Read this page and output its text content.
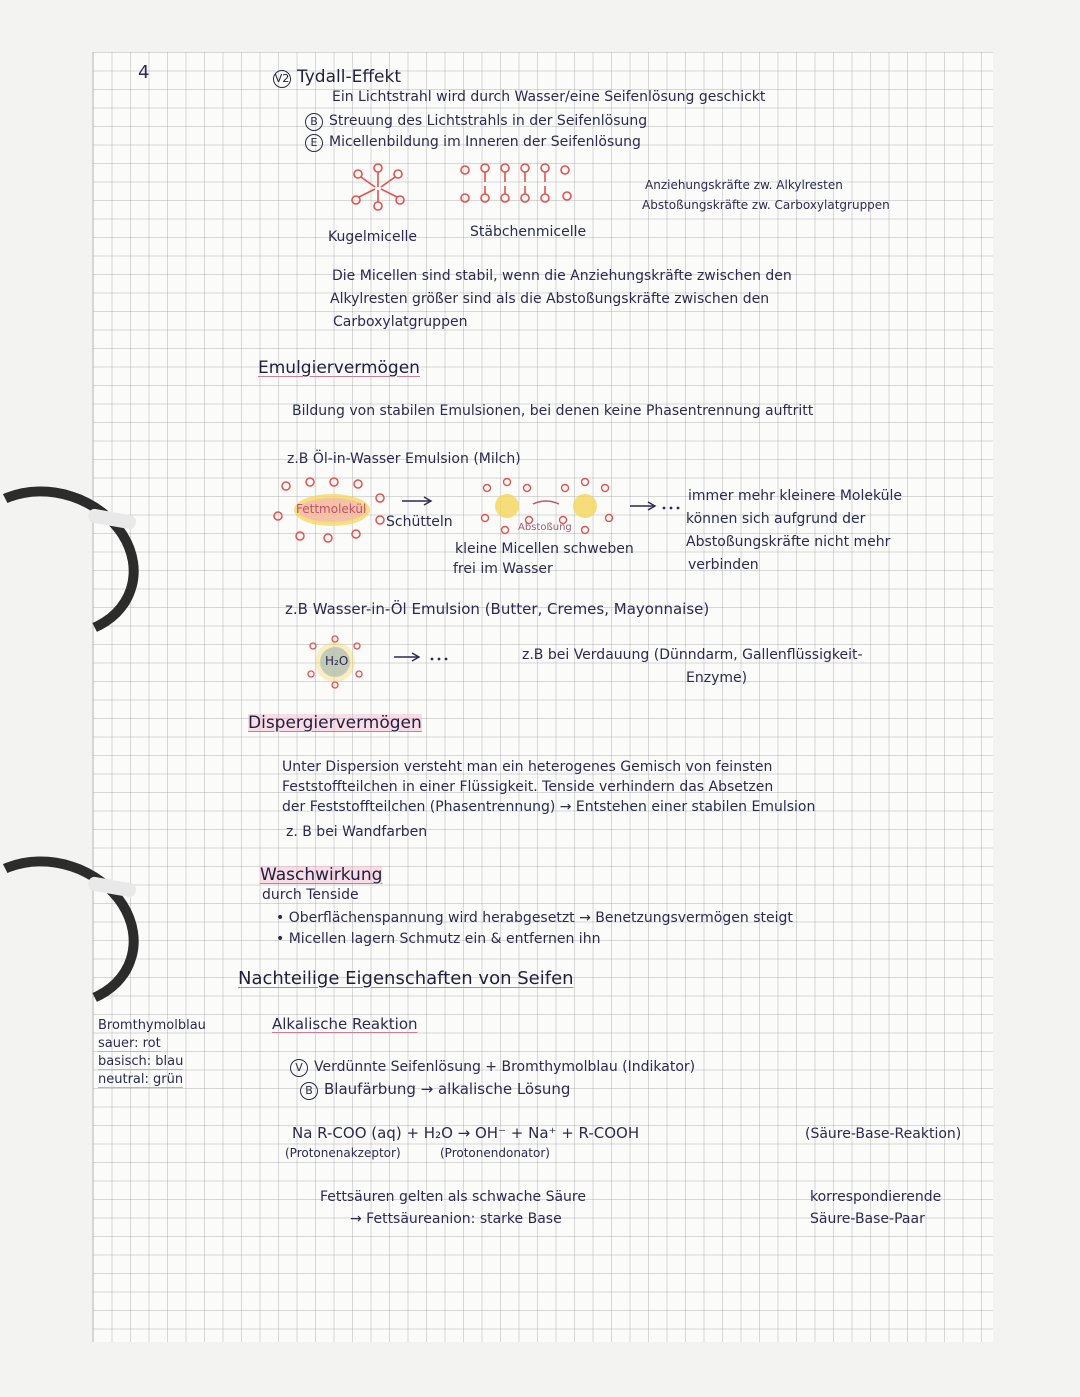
4	V2 Tydall-Effekt
Ein Lichtstrahl wird durch Wasser/eine Seifenlösung geschickt
B Streuung des Lichtstrahls in der Seifenlösung
E Micellenbildung im Inneren der Seifenlösung
Anziehungskräfte zw. Alkylresten
Abstoßungskräfte zw. Carboxylatgruppen
Kugelmicelle	Stäbchenmicelle
Die Micellen sind stabil, wenn die Anziehungskräfte zwischen den
Alkylresten größer sind als die Abstoßungskräfte zwischen den
Carboxylatgruppen
Emulgiervermögen
Bildung von stabilen Emulsionen, bei denen keine Phasentrennung auftritt
z.B Öl-in-Wasser Emulsion (Milch)
Fettmolekül
Schütteln	Abstoßung
kleine Micellen schweben
frei im Wasser
immer mehr kleinere Moleküle
können sich aufgrund der
Abstoßungskräfte nicht mehr
verbinden
z.B Wasser-in-Öl Emulsion (Butter, Cremes, Mayonnaise)
H₂O	z.B bei Verdauung (Dünndarm, Gallenflüssigkeit-
Enzyme)
Dispergiervermögen
Unter Dispersion versteht man ein heterogenes Gemisch von feinsten
Feststoffteilchen in einer Flüssigkeit. Tenside verhindern das Absetzen
der Feststoffteilchen (Phasentrennung) → Entstehen einer stabilen Emulsion
z. B bei Wandfarben
Waschwirkung
durch Tenside
• Oberflächenspannung wird herabgesetzt → Benetzungsvermögen steigt
• Micellen lagern Schmutz ein & entfernen ihn
Nachteilige Eigenschaften von Seifen
Alkalische Reaktion
Bromthymolblau
sauer: rot
basisch: blau
neutral: grün
V Verdünnte Seifenlösung + Bromthymolblau (Indikator)
B Blaufärbung → alkalische Lösung
Na R-COO (aq) + H₂O → OH⁻ + Na⁺ + R-COOH
(Protonenakzeptor)	(Protonendonator)
(Säure-Base-Reaktion)
Fettsäuren gelten als schwache Säure
→ Fettsäureanion: starke Base
korrespondierende
Säure-Base-Paar
